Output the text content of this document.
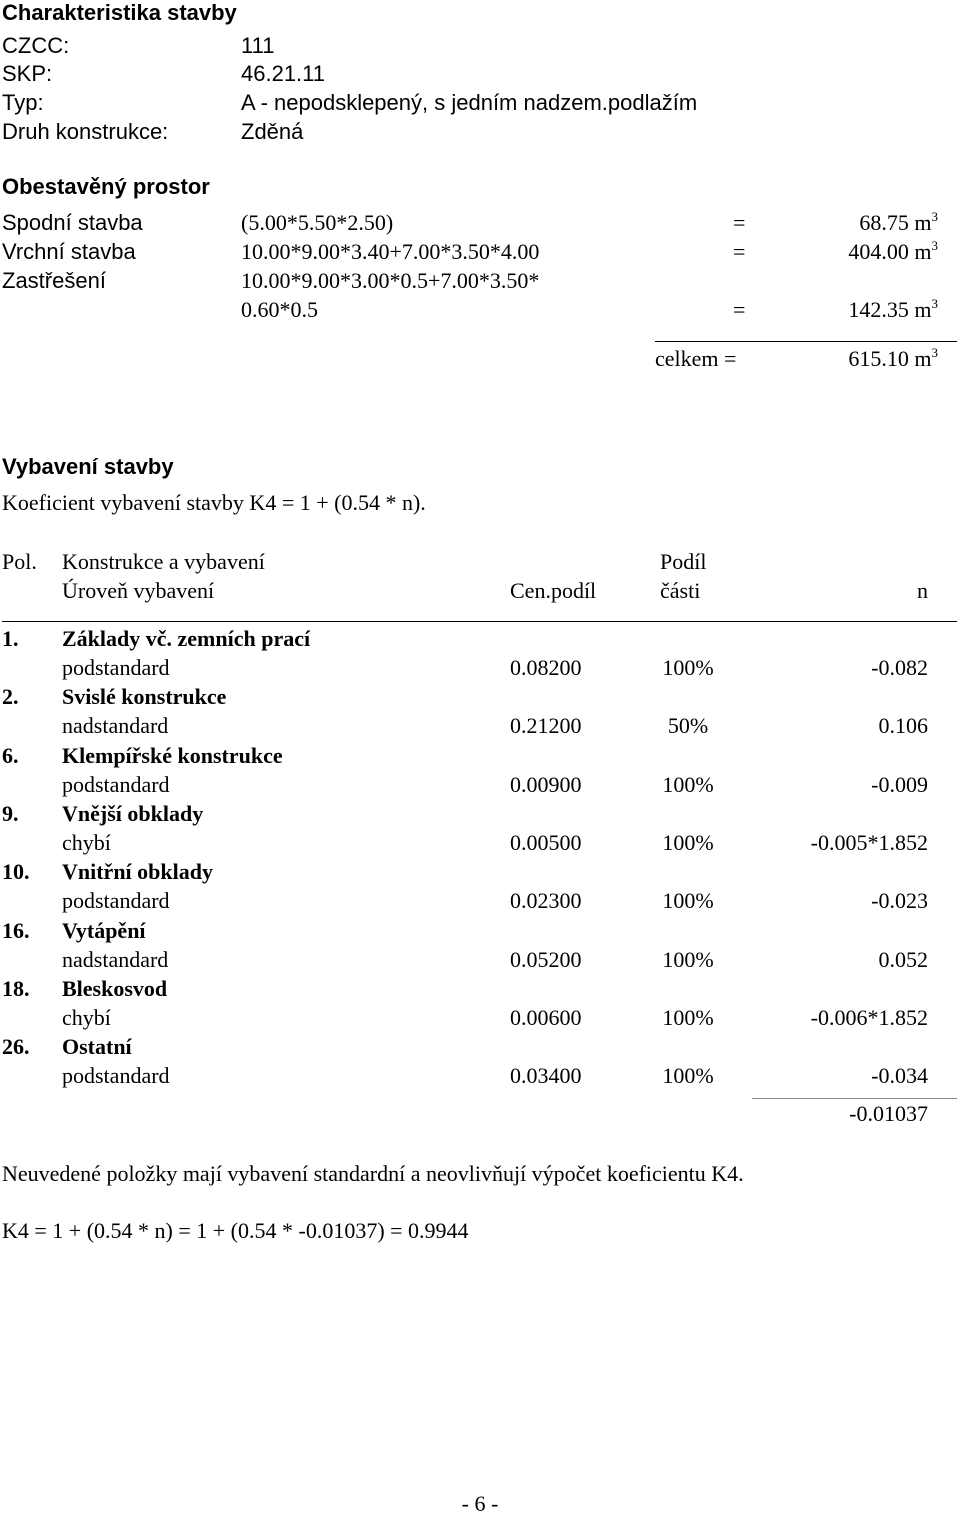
Charakteristika stavby
CZCC:	111
SKP:	46.21.11
Typ:	A - nepodsklepený, s jedním nadzem.podlažím
Druh konstrukce:	Zděná
Obestavěný prostor
Spodní stavba	(5.00*5.50*2.50)	=	68.75 $m^3$
Vrchní stavba	10.00*9.00*3.40+7.00*3.50*4.00	=	404.00 $m^3$
Zastřešení	10.00*9.00*3.00*0.5+7.00*3.50*
0.60*0.5	=	142.35 $m^3$
celkem =	615.10 $m^3$
Vybavení stavby
Koeficient vybavení stavby K4 = 1 + (0.54 * n).
Pol. Konstrukce a vybavení	Podíl
Úroveň vybavení	Cen.podíl	části	n
1. Základy vč. zemních prací
podstandard	0.08200	100%	-0.082
2. Svislé konstrukce
nadstandard	0.21200	50%	0.106
6. Klempířské konstrukce
podstandard	0.00900	100%	-0.009
9. Vnější obklady
chybí	0.00500	100%	-0.005*1.852
10. Vnitřní obklady
podstandard	0.02300	100%	-0.023
16. Vytápění
nadstandard	0.05200	100%	0.052
18. Bleskosvod
chybí	0.00600	100%	-0.006*1.852
26. Ostatní
podstandard	0.03400	100%	-0.034
-0.01037
Neuvedené položky mají vybavení standardní a neovlivňují výpočet koeficientu K4.
K4 = 1 + (0.54 * n) = 1 + (0.54 * -0.01037) = 0.9944
- 6 -
